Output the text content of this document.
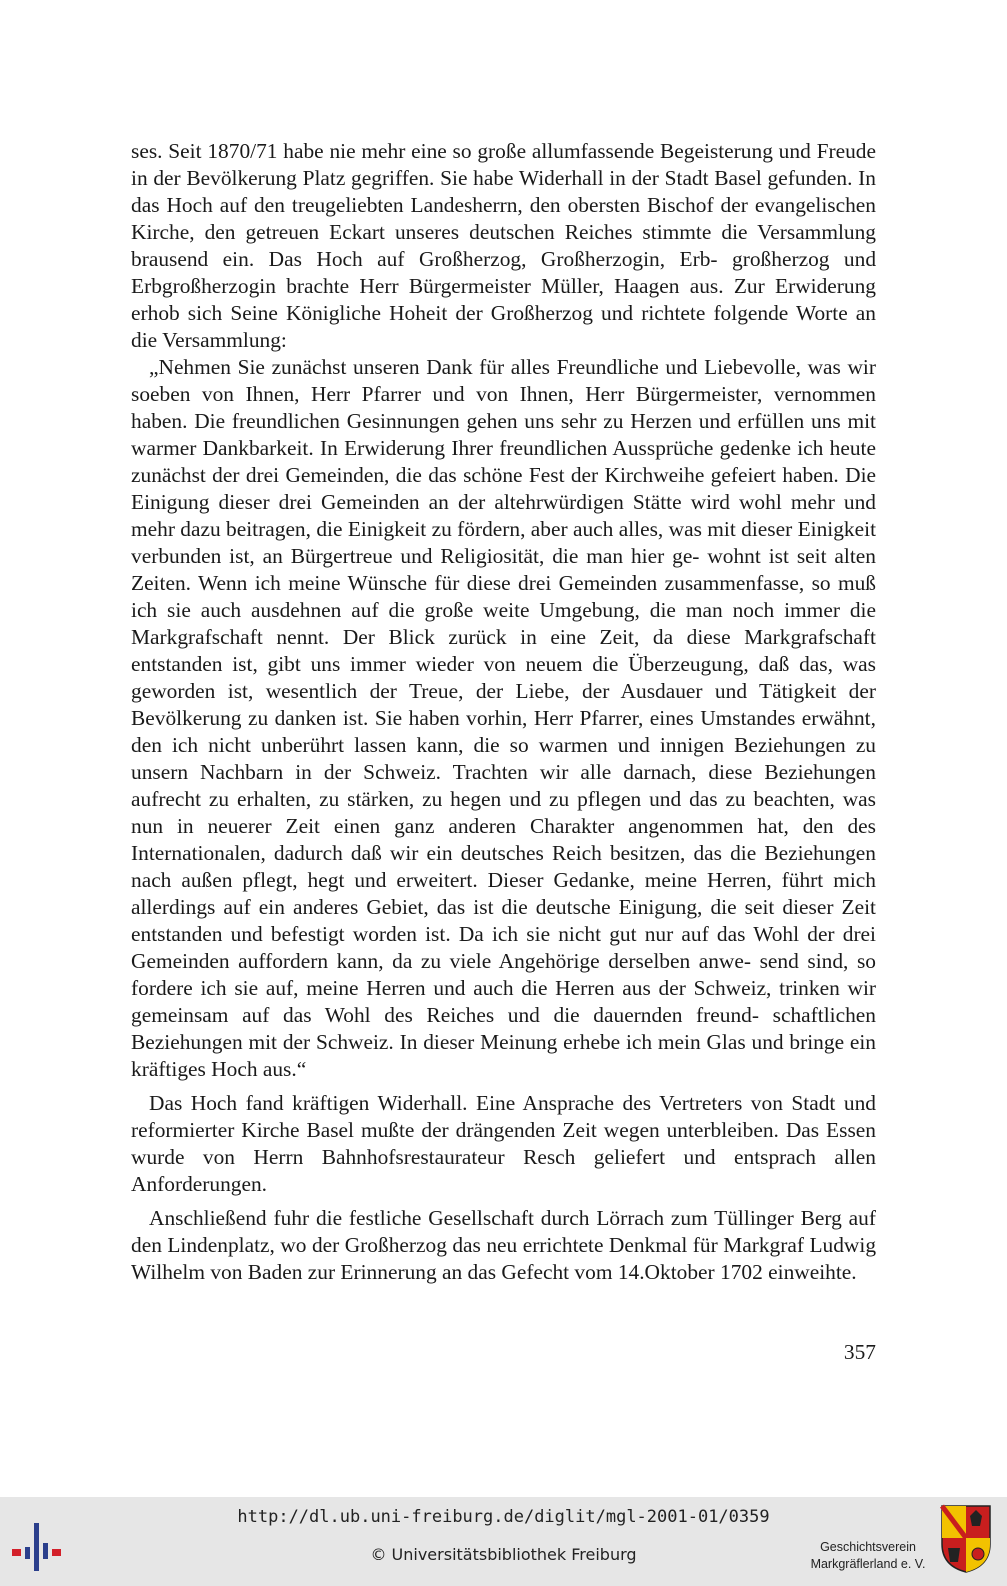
ses. Seit 1870/71 habe nie mehr eine so große allumfassende Begeisterung und Freude in der Bevölkerung Platz gegriffen. Sie habe Widerhall in der Stadt Basel gefunden. In das Hoch auf den treugeliebten Landesherrn, den obersten Bischof der evangelischen Kirche, den getreuen Eckart unseres deutschen Reiches stimmte die Versammlung brausend ein. Das Hoch auf Großherzog, Großherzogin, Erb- großherzog und Erbgroßherzogin brachte Herr Bürgermeister Müller, Haagen aus. Zur Erwiderung erhob sich Seine Königliche Hoheit der Großherzog und richtete folgende Worte an die Versammlung:

„Nehmen Sie zunächst unseren Dank für alles Freundliche und Liebevolle, was wir soeben von Ihnen, Herr Pfarrer und von Ihnen, Herr Bürgermeister, vernommen haben. Die freundlichen Gesinnungen gehen uns sehr zu Herzen und erfüllen uns mit warmer Dankbarkeit. In Erwiderung Ihrer freundlichen Aussprüche gedenke ich heute zunächst der drei Gemeinden, die das schöne Fest der Kirchweihe gefeiert haben. Die Einigung dieser drei Gemeinden an der altehrwürdigen Stätte wird wohl mehr und mehr dazu beitragen, die Einigkeit zu fördern, aber auch alles, was mit dieser Einigkeit verbunden ist, an Bürgertreue und Religiosität, die man hier ge- wohnt ist seit alten Zeiten. Wenn ich meine Wünsche für diese drei Gemeinden zusammenfasse, so muß ich sie auch ausdehnen auf die große weite Umgebung, die man noch immer die Markgrafschaft nennt. Der Blick zurück in eine Zeit, da diese Markgrafschaft entstanden ist, gibt uns immer wieder von neuem die Überzeugung, daß das, was geworden ist, wesentlich der Treue, der Liebe, der Ausdauer und Tätigkeit der Bevölkerung zu danken ist. Sie haben vorhin, Herr Pfarrer, eines Umstandes erwähnt, den ich nicht unberührt lassen kann, die so warmen und innigen Beziehungen zu unsern Nachbarn in der Schweiz. Trachten wir alle darnach, diese Beziehungen aufrecht zu erhalten, zu stärken, zu hegen und zu pflegen und das zu beachten, was nun in neuerer Zeit einen ganz anderen Charakter angenommen hat, den des Internationalen, dadurch daß wir ein deutsches Reich besitzen, das die Beziehungen nach außen pflegt, hegt und erweitert. Dieser Gedanke, meine Herren, führt mich allerdings auf ein anderes Gebiet, das ist die deutsche Einigung, die seit dieser Zeit entstanden und befestigt worden ist. Da ich sie nicht gut nur auf das Wohl der drei Gemeinden auffordern kann, da zu viele Angehörige derselben anwe- send sind, so fordere ich sie auf, meine Herren und auch die Herren aus der Schweiz, trinken wir gemeinsam auf das Wohl des Reiches und die dauernden freund- schaftlichen Beziehungen mit der Schweiz. In dieser Meinung erhebe ich mein Glas und bringe ein kräftiges Hoch aus.“

Das Hoch fand kräftigen Widerhall. Eine Ansprache des Vertreters von Stadt und reformierter Kirche Basel mußte der drängenden Zeit wegen unterbleiben. Das Essen wurde von Herrn Bahnhofsrestaurateur Resch geliefert und entsprach allen Anforderungen.

Anschließend fuhr die festliche Gesellschaft durch Lörrach zum Tüllinger Berg auf den Lindenplatz, wo der Großherzog das neu errichtete Denkmal für Markgraf Ludwig Wilhelm von Baden zur Erinnerung an das Gefecht vom 14.Oktober 1702 einweihte.

357
http://dl.ub.uni-freiburg.de/diglit/mgl-2001-01/0359
© Universitätsbibliothek Freiburg	Geschichtsverein
Markgräflerland e. V.
